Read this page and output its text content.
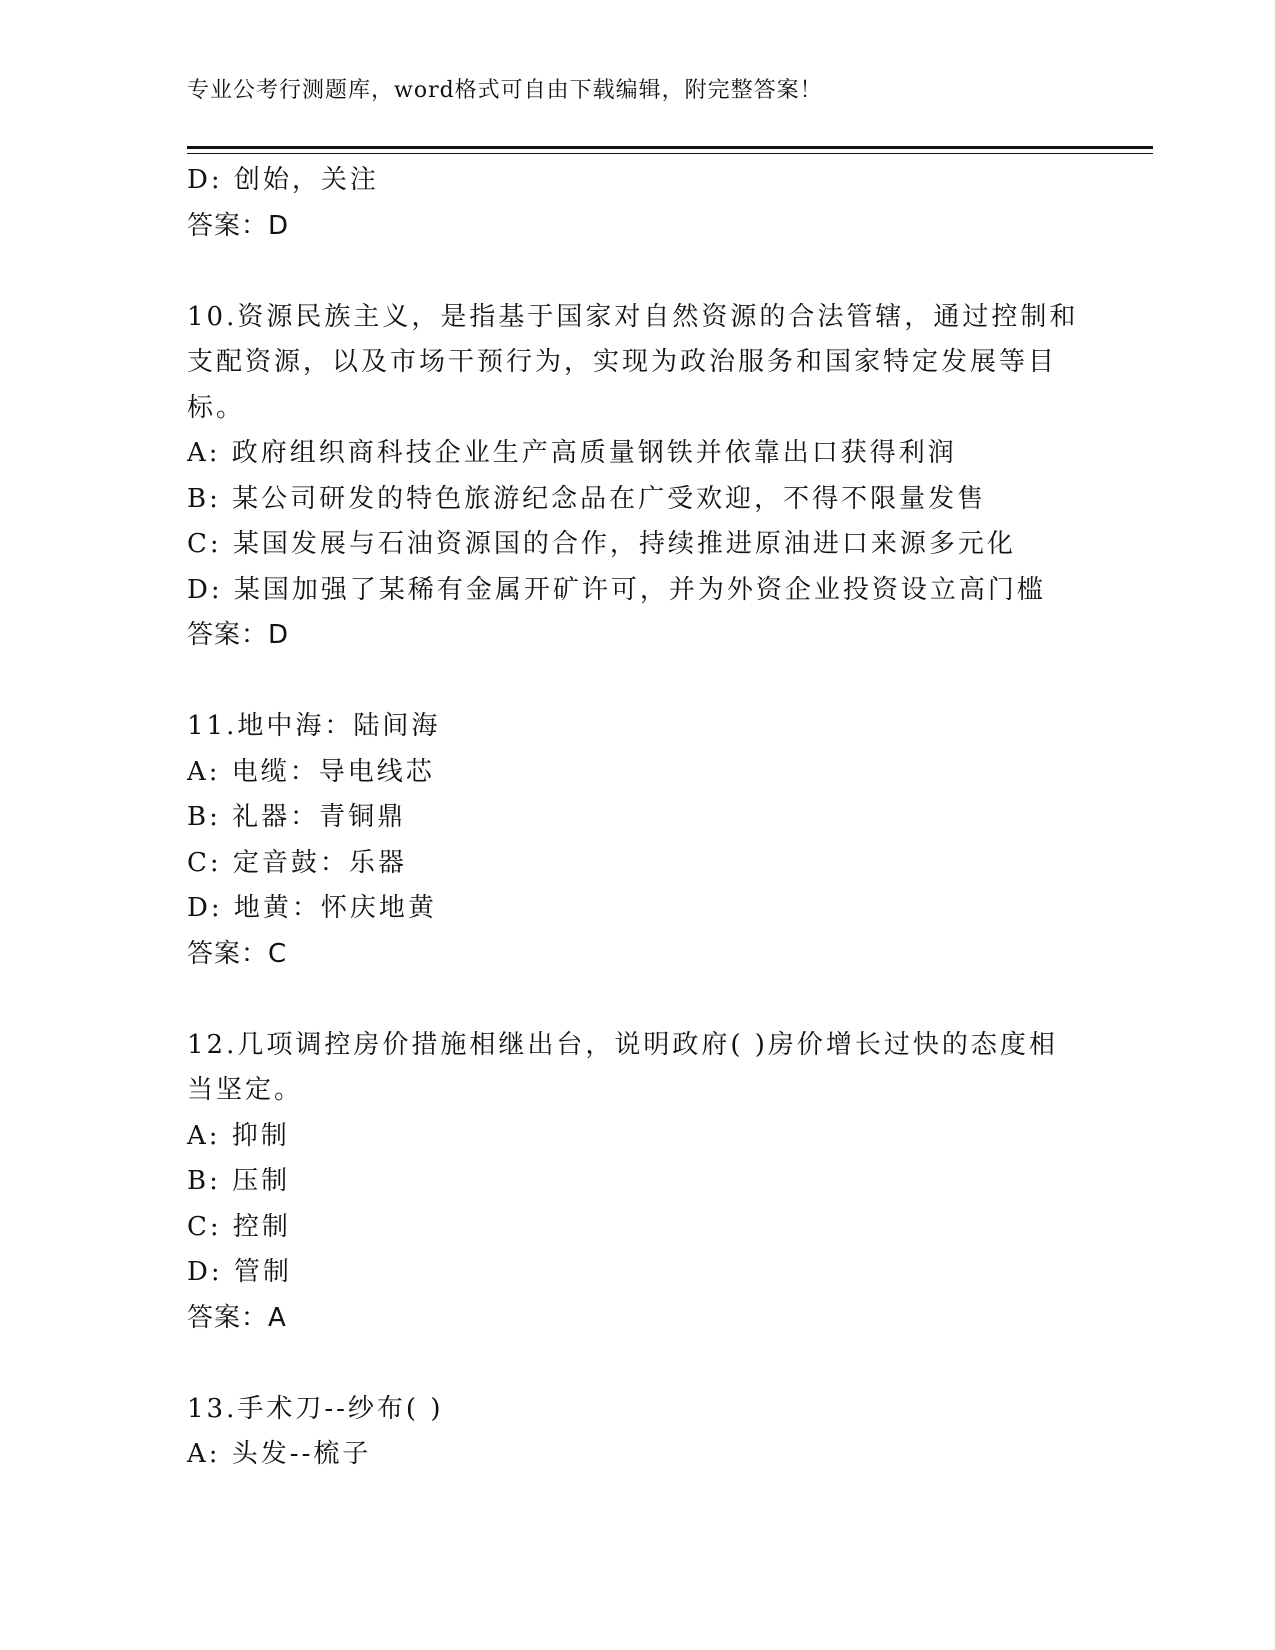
专业公考行测题库，word格式可自由下载编辑，附完整答案！
D: 创始，关注
答案：D
10.资源民族主义，是指基于国家对自然资源的合法管辖，通过控制和
支配资源，以及市场干预行为，实现为政治服务和国家特定发展等目
标。
A: 政府组织商科技企业生产高质量钢铁并依靠出口获得利润
B: 某公司研发的特色旅游纪念品在广受欢迎，不得不限量发售
C: 某国发展与石油资源国的合作，持续推进原油进口来源多元化
D: 某国加强了某稀有金属开矿许可，并为外资企业投资设立高门槛
答案：D
11.地中海：陆间海
A: 电缆：导电线芯
B: 礼器：青铜鼎
C: 定音鼓：乐器
D: 地黄：怀庆地黄
答案：C
12.几项调控房价措施相继出台，说明政府( )房价增长过快的态度相
当坚定。
A: 抑制
B: 压制
C: 控制
D: 管制
答案：A
13.手术刀--纱布( )
A: 头发--梳子
